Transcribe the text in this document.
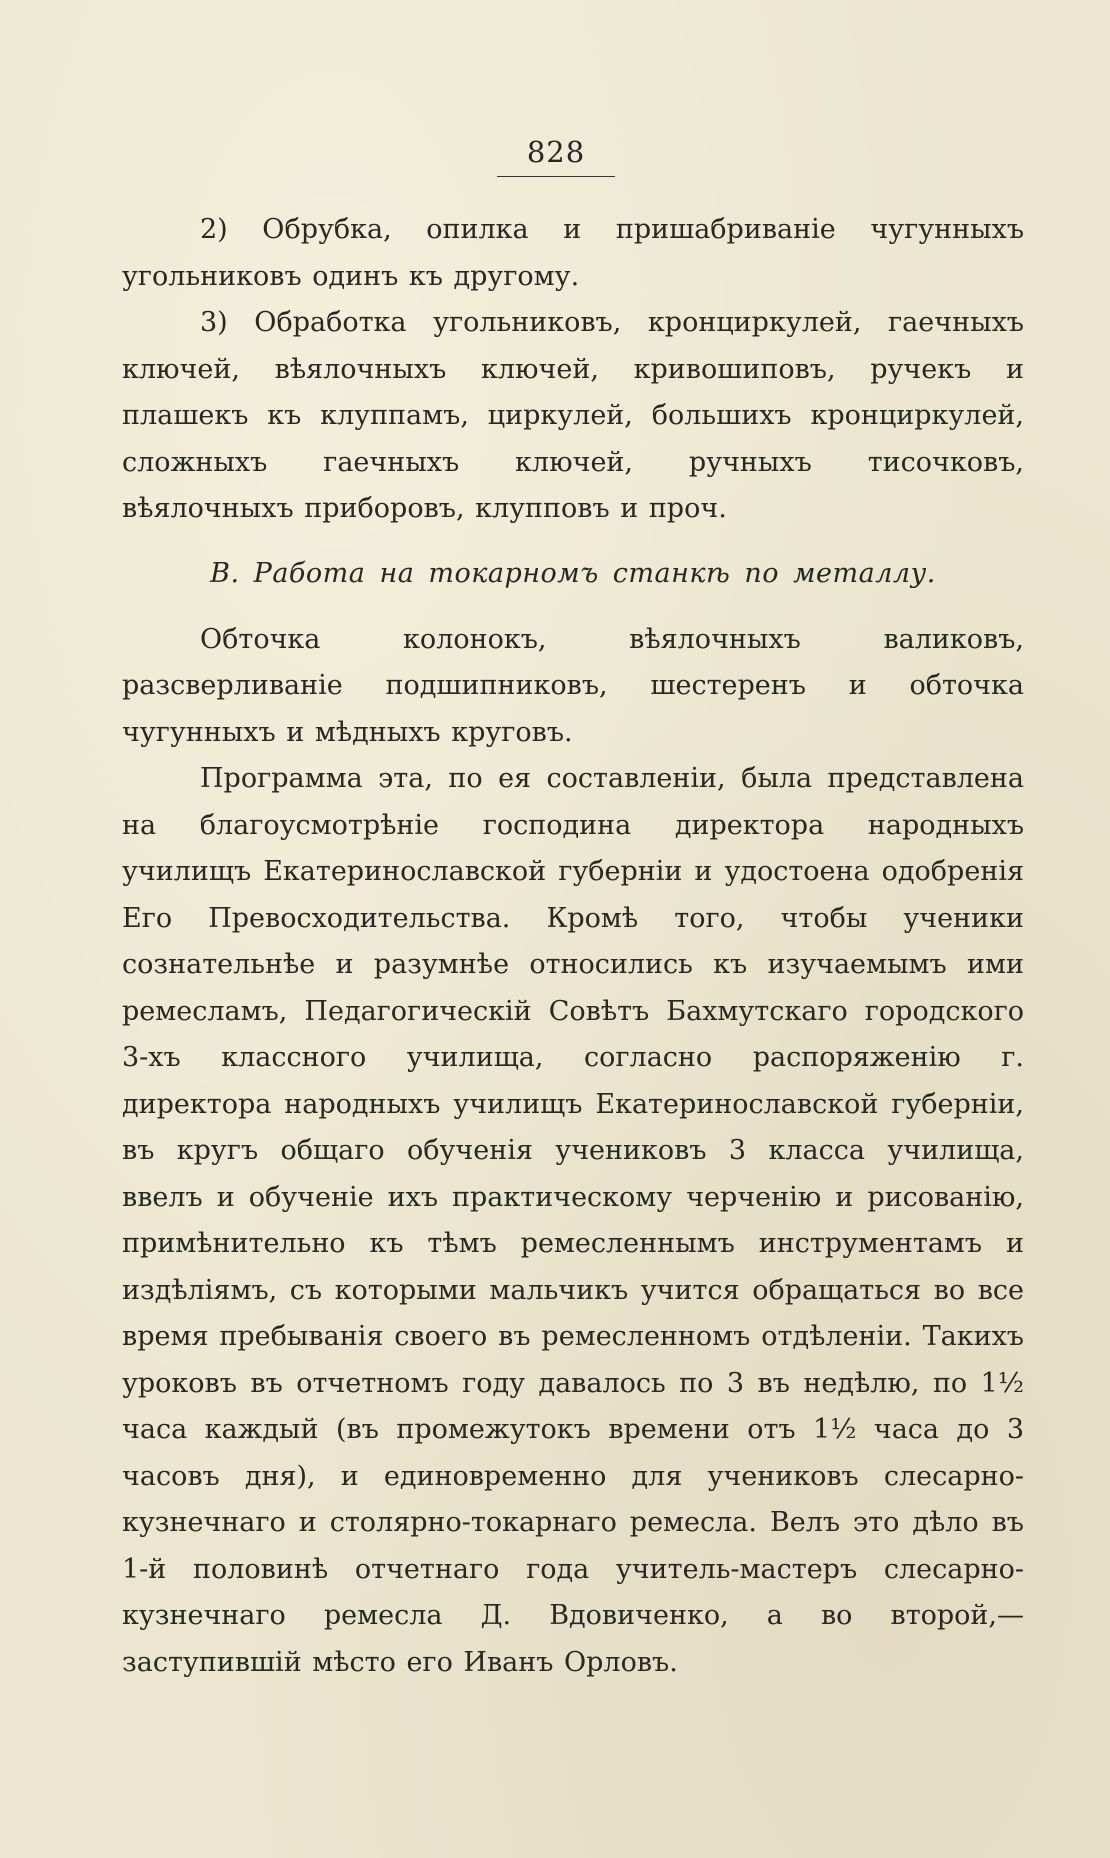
828

2) Обрубка, опилка и пришабриваніе чугунныхъ угольниковъ одинъ къ другому.

3) Обработка угольниковъ, кронциркулей, гаечныхъ ключей, вѣялочныхъ ключей, кривошиповъ, ручекъ и плашекъ къ клуппамъ, циркулей, большихъ кронциркулей, сложныхъ гаечныхъ ключей, ручныхъ тисочковъ, вѣялочныхъ приборовъ, клупповъ и проч.

В. Работа на токарномъ станкѣ по металлу.

Обточка колонокъ, вѣялочныхъ валиковъ, разсверливаніе подшипниковъ, шестеренъ и обточка чугунныхъ и мѣдныхъ круговъ.

Программа эта, по ея составленіи, была представлена на благоусмотрѣніе господина директора народныхъ училищъ Екатеринославской губерніи и удостоена одобренія Его Превосходительства. Кромѣ того, чтобы ученики сознательнѣе и разумнѣе относились къ изучаемымъ ими ремесламъ, Педагогическій Совѣтъ Бахмутскаго городского 3-хъ классного училища, согласно распоряженію г. директора народныхъ училищъ Екатеринославской губерніи, въ кругъ общаго обученія учениковъ 3 класса училища, ввелъ и обученіе ихъ практическому черченію и рисованію, примѣнительно къ тѣмъ ремесленнымъ инструментамъ и издѣліямъ, съ которыми мальчикъ учится обращаться во все время пребыванія своего въ ремесленномъ отдѣленіи. Такихъ уроковъ въ отчетномъ году давалось по 3 въ недѣлю, по 1½ часа каждый (въ промежутокъ времени отъ 1½ часа до 3 часовъ дня), и единовременно для учениковъ слесарно-кузнечнаго и столярно-токарнаго ремесла. Велъ это дѣло въ 1-й половинѣ отчетнаго года учитель-мастеръ слесарно-кузнечнаго ремесла Д. Вдовиченко, а во второй,—заступившій мѣсто его Иванъ Орловъ.
